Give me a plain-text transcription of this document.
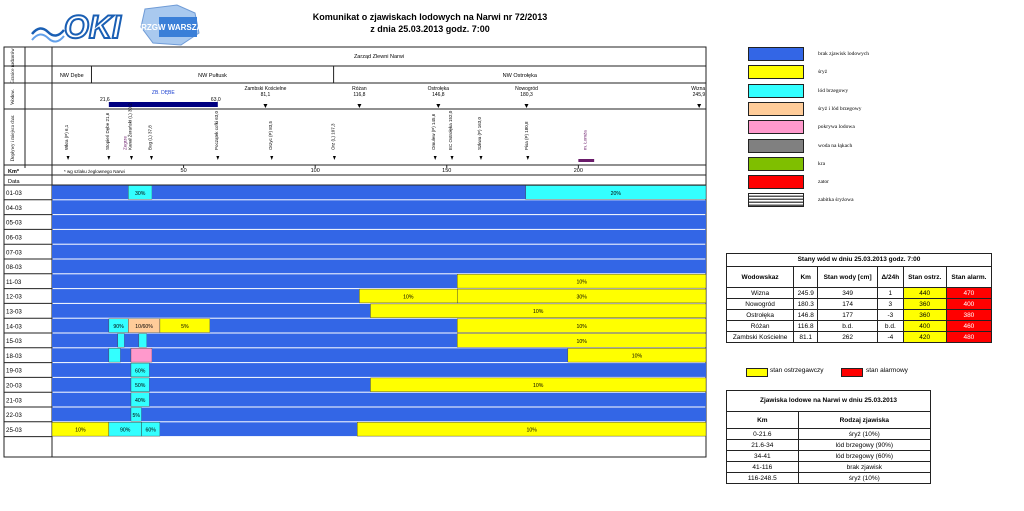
OKI	RZGW WARSZAWA
Komunikat o zjawiskach lodowych na Narwi nr 72/2013
z dnia 25.03.2013 godz. 7:00
Granice nadzorów
Wodow.
Dopływy i miejsca char.
Zarząd Zlewni Narwi
NW Dębe	NW Pułtusk	NW Ostrołęka
ZB. DĘBE
21,6	63,0
Zambski Kościelne
81,1
Różan
116,8
Ostrołęka
146,8
Nowogród
180,3
Wizna
245,9
Wkra (P) 6,1	Stopień Dębe 21,6	Kanał Żerański (L) 30,2
Zegrze	Bug (L) 37,8	Początek cofki 63,0	Orzyc (P) 83,5	Orz (L) 107,3	Omulew (P) 145,6	EC Ostrołęka 152,0	Szkwa (P) 163,0	Pisa (P) 180,8	m. Łomża
Km*	* wg szlaku żeglownego Narwi
Data
50	100	150	200
01-03	30%	20%
04-03
05-03
06-03
07-03
08-03
11-03	10%
12-03	10%	30%
13-03	10%
14-03	90% 10/60%	5%	10%
15-03	10%
18-03	10%
19-03	60%
20-03	50%	10%
21-03	40%
22-03	5%
25-03	10%	90%	60%	10%
brak zjawisk lodowych
śryż
lód brzegowy
śryż i lód brzegowy
pokrywa lodowa
woda na łąkach
kra
zator
zabitka śryżowa
Stany wód w dniu 25.03.2013 godz. 7:00
Wodowskaz	Km	Stan wody [cm]	Δ/24h	Stan ostrz.	Stan alarm.
Wizna	245.9	349	1	440	470
Nowogród	180.3	174	3	360	400
Ostrołęka	146.8	177	-3	360	380
Różan	116.8	b.d.	b.d.	400	460
Zambski Kościelne	81.1	262	-4	420	480
stan ostrzegawczy	stan alarmowy
Zjawiska lodowe na Narwi w dniu 25.03.2013
Km	Rodzaj zjawiska
0-21.6	śryż (10%)
21.6-34	lód brzegowy (90%)
34-41	lód brzegowy (60%)
41-116	brak zjawisk
116-248.5	śryż (10%)
